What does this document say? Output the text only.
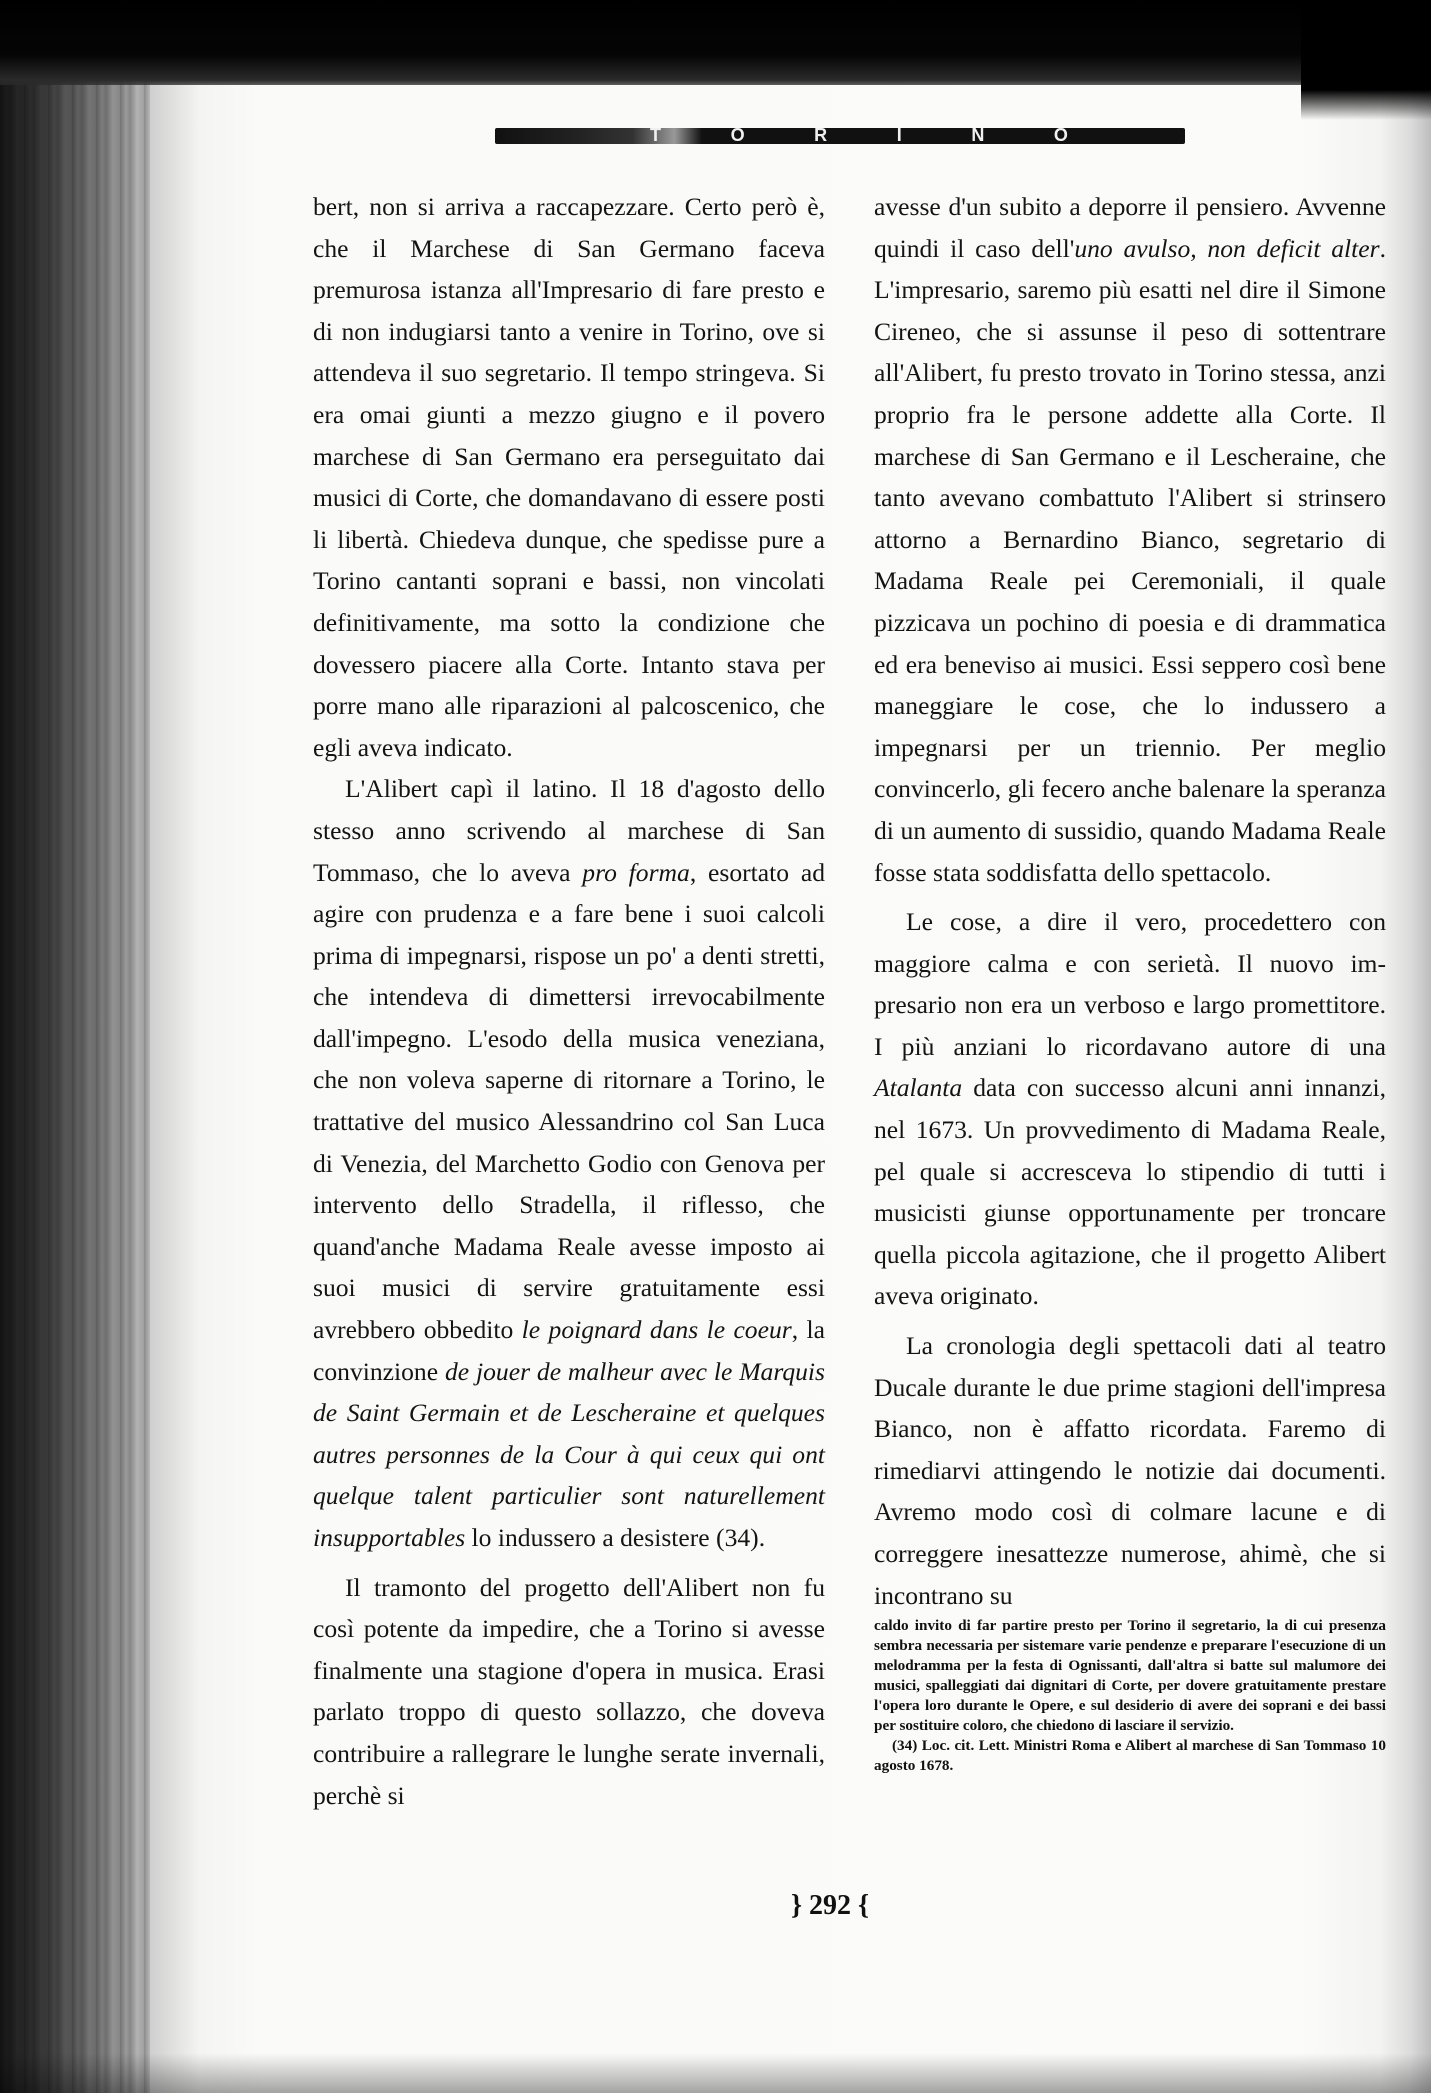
T	O	R	I	N	O

bert, non si arriva a raccapezzare. Certo però è, che il Marchese di San Germano faceva premurosa istanza all'Impresario di fare presto e di non indugiarsi tanto a venire in Torino, ove si attendeva il suo segretario. Il tempo stringeva. Si era omai giunti a mezzo giugno e il povero marchese di San Germano era perseguitato dai musici di Corte, che domandavano di essere posti li libertà. Chiedeva dunque, che spedisse pure a Torino cantanti soprani e bassi, non vincolati definitivamente, ma sotto la condizione che dovessero piacere alla Corte. Intanto stava per porre mano alle riparazioni al palcoscenico, che egli aveva indicato.

L'Alibert capì il latino. Il 18 d'agosto dello stesso anno scrivendo al marchese di San Tommaso, che lo aveva pro forma, esortato ad agire con prudenza e a fare bene i suoi calcoli prima di impegnarsi, rispose un po' a denti stretti, che intendeva di dimettersi irrevocabilmente dall'impegno. L'esodo della musica veneziana, che non voleva saperne di ritornare a Torino, le trattative del musico Alessandrino col San Luca di Venezia, del Marchetto Godio con Genova per intervento dello Stradella, il riflesso, che quand'anche Madama Reale avesse imposto ai suoi musici di servire gratuitamente essi avrebbero obbedito le poignard dans le coeur, la convinzione de jouer de malheur avec le Marquis de Saint Germain et de Lescheraine et quelques autres personnes de la Cour à qui ceux qui ont quelque talent particulier sont naturellement insupportables lo indussero a desistere (34).

Il tramonto del progetto dell'Alibert non fu così potente da impedire, che a Torino si avesse finalmente una stagione d'opera in musica. Erasi parlato troppo di questo sollazzo, che doveva contribuire a rallegrare le lunghe serate invernali, perchè si

avesse d'un subito a deporre il pensiero. Avvenne quindi il caso dell'uno avulso, non deficit alter. L'impresario, saremo più esatti nel dire il Simone Cireneo, che si assunse il peso di sottentrare all'Alibert, fu presto trovato in Torino stessa, anzi proprio fra le persone addette alla Corte. Il marchese di San Germano e il Lescheraine, che tanto avevano combattuto l'Alibert si strinsero attorno a Bernardino Bianco, segretario di Madama Reale pei Ceremoniali, il quale pizzicava un pochino di poesia e di drammatica ed era beneviso ai musici. Essi seppero così bene maneggiare le cose, che lo indussero a impegnarsi per un triennio. Per meglio convincerlo, gli fecero anche balenare la speranza di un aumento di sussidio, quando Madama Reale fosse stata soddisfatta dello spettacolo.

Le cose, a dire il vero, procedettero con maggiore calma e con serietà. Il nuovo impresario non era un verboso e largo promettitore. I più anziani lo ricordavano autore di una Atalanta data con successo alcuni anni innanzi, nel 1673. Un provvedimento di Madama Reale, pel quale si accresceva lo stipendio di tutti i musicisti giunse opportunamente per troncare quella piccola agitazione, che il progetto Alibert aveva originato.

La cronologia degli spettacoli dati al teatro Ducale durante le due prime stagioni dell'impresa Bianco, non è affatto ricordata. Faremo di rimediarvi attingendo le notizie dai documenti. Avremo modo così di colmare lacune e di correggere inesattezze numerose, ahimè, che si incontrano su

caldo invito di far partire presto per Torino il segretario, la di cui presenza sembra necessaria per sistemare varie pendenze e preparare l'esecuzione di un melodramma per la festa di Ognissanti, dall'altra si batte sul malumore dei musici, spalleggiati dai dignitari di Corte, per dovere gratuitamente prestare l'opera loro durante le Opere, e sul desiderio di avere dei soprani e dei bassi per sostituire coloro, che chiedono di lasciare il servizio.

(34) Loc. cit. Lett. Ministri Roma e Alibert al marchese di San Tommaso 10 agosto 1678.

} 292 {
